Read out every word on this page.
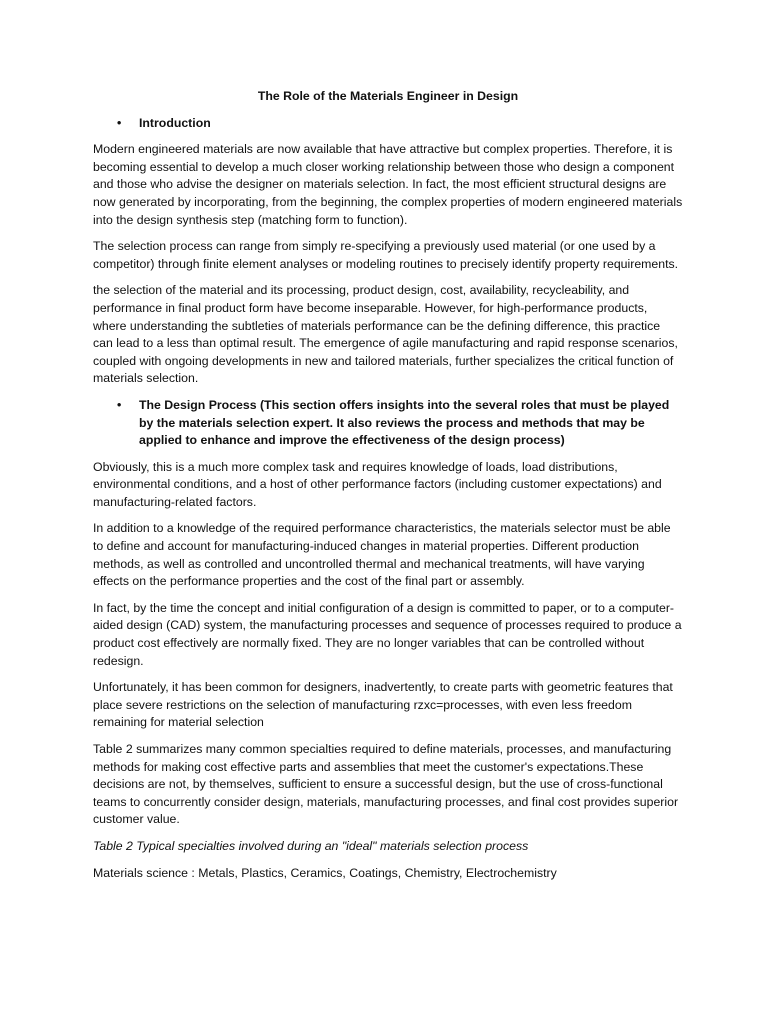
The Role of the Materials Engineer in Design
• Introduction

Modern engineered materials are now available that have attractive but complex properties. Therefore, it is becoming essential to develop a much closer working relationship between those who design a component and those who advise the designer on materials selection. In fact, the most efficient structural designs are now generated by incorporating, from the beginning, the complex properties of modern engineered materials into the design synthesis step (matching form to function).

The selection process can range from simply re-specifying a previously used material (or one used by a competitor) through finite element analyses or modeling routines to precisely identify property requirements.

the selection of the material and its processing, product design, cost, availability, recycleability, and performance in final product form have become inseparable. However, for high-performance products, where understanding the subtleties of materials performance can be the defining difference, this practice can lead to a less than optimal result. The emergence of agile manufacturing and rapid response scenarios, coupled with ongoing developments in new and tailored materials, further specializes the critical function of materials selection.

• The Design Process (This section offers insights into the several roles that must be played by the materials selection expert. It also reviews the process and methods that may be applied to enhance and improve the effectiveness of the design process)

Obviously, this is a much more complex task and requires knowledge of loads, load distributions, environmental conditions, and a host of other performance factors (including customer expectations) and manufacturing-related factors.

In addition to a knowledge of the required performance characteristics, the materials selector must be able to define and account for manufacturing-induced changes in material properties. Different production methods, as well as controlled and uncontrolled thermal and mechanical treatments, will have varying effects on the performance properties and the cost of the final part or assembly.

In fact, by the time the concept and initial configuration of a design is committed to paper, or to a computer-aided design (CAD) system, the manufacturing processes and sequence of processes required to produce a product cost effectively are normally fixed. They are no longer variables that can be controlled without redesign.

Unfortunately, it has been common for designers, inadvertently, to create parts with geometric features that place severe restrictions on the selection of manufacturing rzxc=processes, with even less freedom remaining for material selection

Table 2 summarizes many common specialties required to define materials, processes, and manufacturing methods for making cost effective parts and assemblies that meet the customer's expectations.These decisions are not, by themselves, sufficient to ensure a successful design, but the use of cross-functional teams to concurrently consider design, materials, manufacturing processes, and final cost provides superior customer value.

Table 2 Typical specialties involved during an "ideal" materials selection process

Materials science : Metals, Plastics, Ceramics, Coatings, Chemistry, Electrochemistry
